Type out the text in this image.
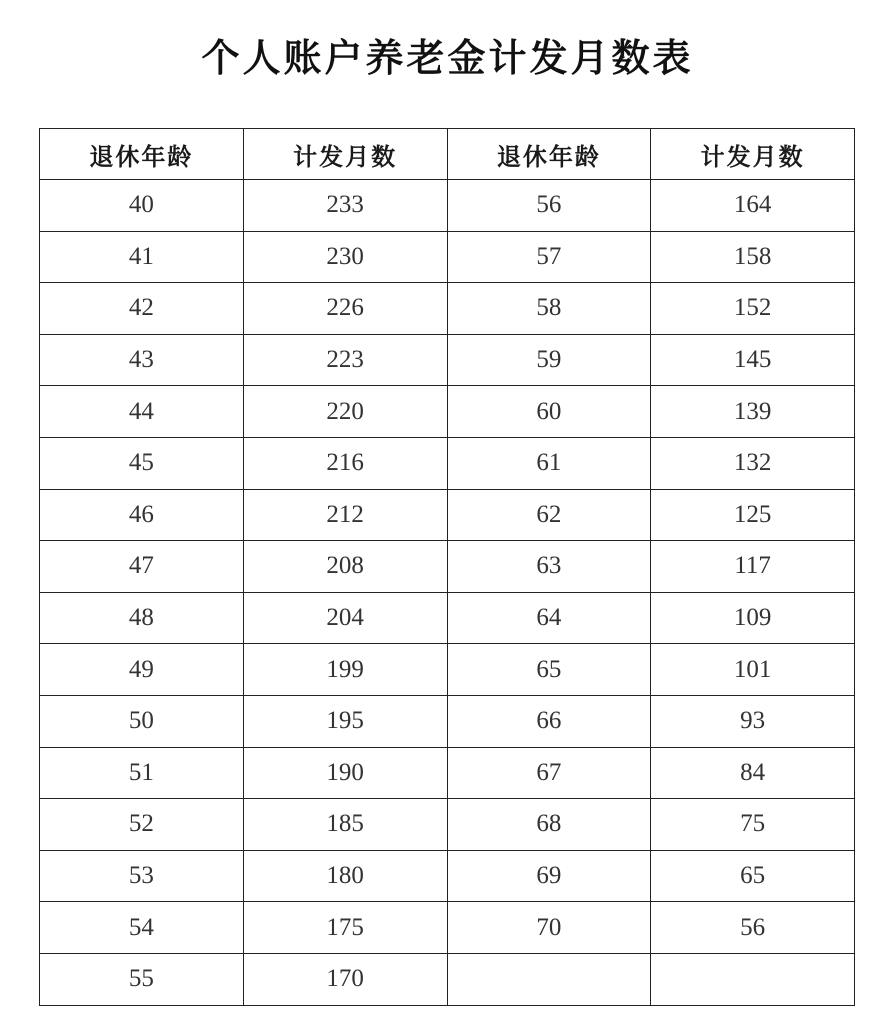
个人账户养老金计发月数表
退休年龄	计发月数	退休年龄	计发月数
40	233	56	164
41	230	57	158
42	226	58	152
43	223	59	145
44	220	60	139
45	216	61	132
46	212	62	125
47	208	63	117
48	204	64	109
49	199	65	101
50	195	66	93
51	190	67	84
52	185	68	75
53	180	69	65
54	175	70	56
55	170		
